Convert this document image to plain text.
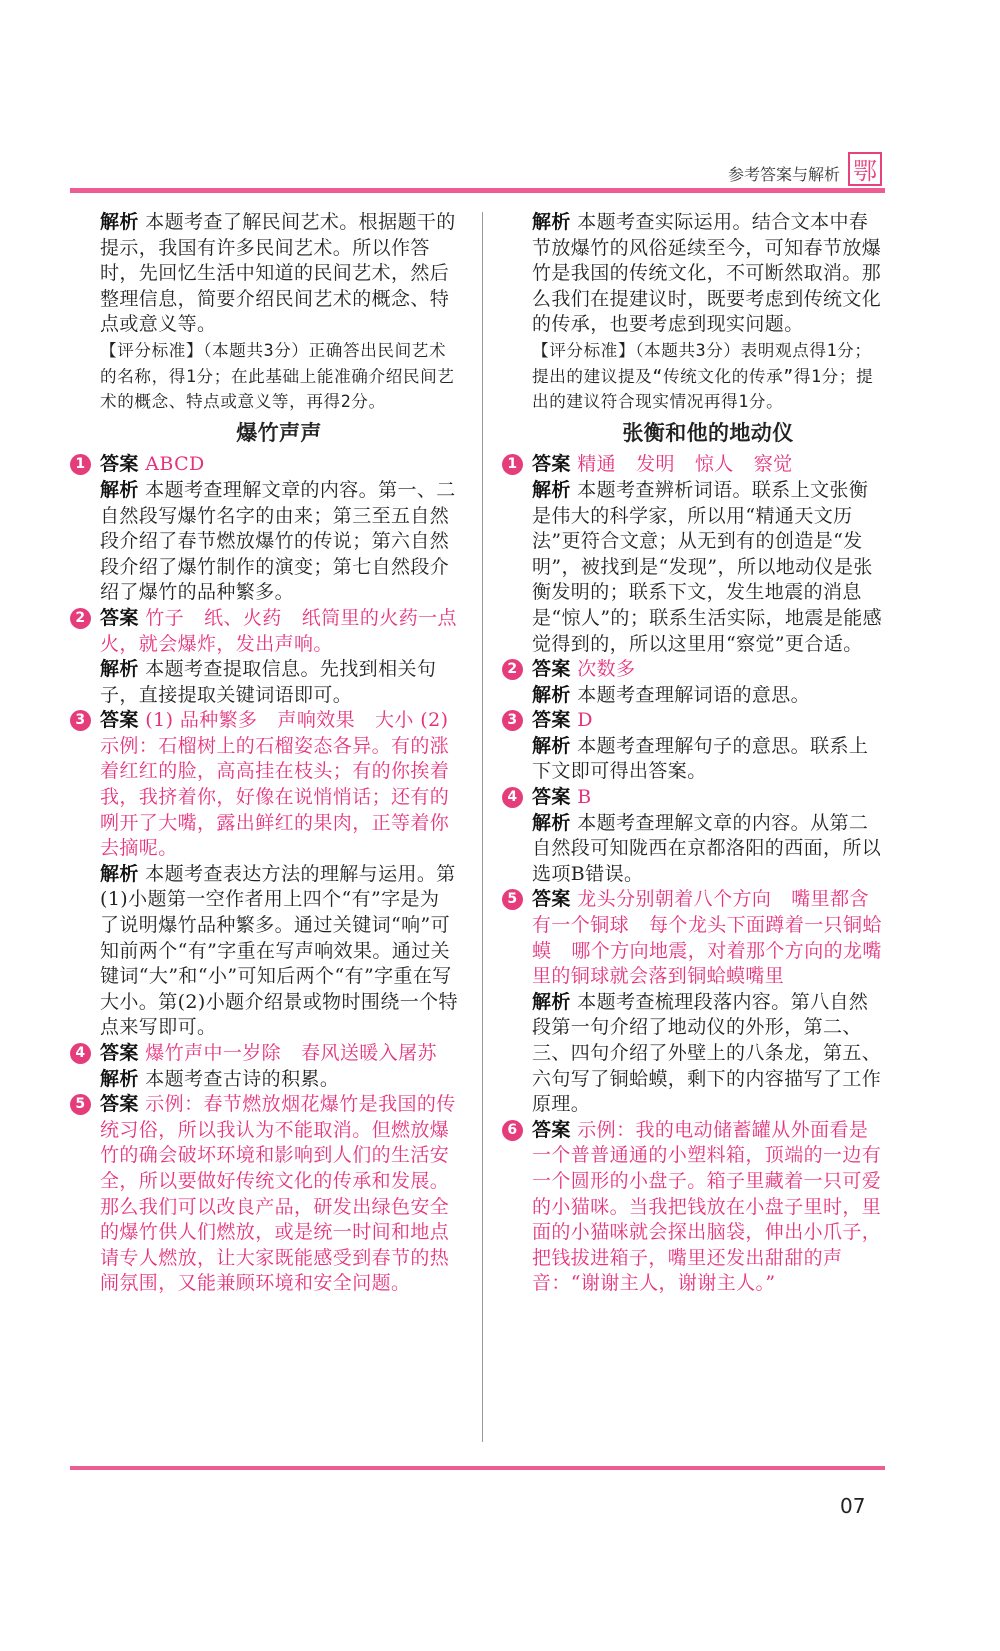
参考答案与解析 鄂
解析 本题考查了解民间艺术。根据题干的提示，我国有许多民间艺术。所以作答时，先回忆生活中知道的民间艺术，然后整理信息，简要介绍民间艺术的概念、特点或意义等。
【评分标准】（本题共3分）正确答出民间艺术的名称，得1分；在此基础上能准确介绍民间艺术的概念、特点或意义等，再得2分。
爆竹声声
1 答案 ABCD
解析 本题考查理解文章的内容。第一、二自然段写爆竹名字的由来；第三至五自然段介绍了春节燃放爆竹的传说；第六自然段介绍了爆竹制作的演变；第七自然段介绍了爆竹的品种繁多。
2 答案 竹子 纸、火药 纸筒里的火药一点火，就会爆炸，发出声响。
解析 本题考查提取信息。先找到相关句子，直接提取关键词语即可。
3 答案 (1) 品种繁多 声响效果 大小 (2) 示例：石榴树上的石榴姿态各异。有的涨着红红的脸，高高挂在枝头；有的你挨着我，我挤着你，好像在说悄悄话；还有的咧开了大嘴，露出鲜红的果肉，正等着你去摘呢。
解析 本题考查表达方法的理解与运用。第(1)小题第一空作者用上四个“有”字是为了说明爆竹品种繁多。通过关键词“响”可知前两个“有”字重在写声响效果。通过关键词“大”和“小”可知后两个“有”字重在写大小。第(2)小题介绍景或物时围绕一个特点来写即可。
4 答案 爆竹声中一岁除 春风送暖入屠苏
解析 本题考查古诗的积累。
5 答案 示例：春节燃放烟花爆竹是我国的传统习俗，所以我认为不能取消。但燃放爆竹的确会破坏环境和影响到人们的生活安全，所以要做好传统文化的传承和发展。那么我们可以改良产品，研发出绿色安全的爆竹供人们燃放，或是统一时间和地点请专人燃放，让大家既能感受到春节的热闹氛围，又能兼顾环境和安全问题。
解析 本题考查实际运用。结合文本中春节放爆竹的风俗延续至今，可知春节放爆竹是我国的传统文化，不可断然取消。那么我们在提建议时，既要考虑到传统文化的传承，也要考虑到现实问题。
【评分标准】（本题共3分）表明观点得1分；提出的建议提及“传统文化的传承”得1分；提出的建议符合现实情况再得1分。
张衡和他的地动仪
1 答案 精通 发明 惊人 察觉
解析 本题考查辨析词语。联系上文张衡是伟大的科学家，所以用“精通天文历法”更符合文意；从无到有的创造是“发明”，被找到是“发现”，所以地动仪是张衡发明的；联系下文，发生地震的消息是“惊人”的；联系生活实际，地震是能感觉得到的，所以这里用“察觉”更合适。
2 答案 次数多
解析 本题考查理解词语的意思。
3 答案 D
解析 本题考查理解句子的意思。联系上下文即可得出答案。
4 答案 B
解析 本题考查理解文章的内容。从第二自然段可知陇西在京都洛阳的西面，所以选项B错误。
5 答案 龙头分别朝着八个方向 嘴里都含有一个铜球 每个龙头下面蹲着一只铜蛤蟆 哪个方向地震，对着那个方向的龙嘴里的铜球就会落到铜蛤蟆嘴里
解析 本题考查梳理段落内容。第八自然段第一句介绍了地动仪的外形，第二、三、四句介绍了外壁上的八条龙，第五、六句写了铜蛤蟆，剩下的内容描写了工作原理。
6 答案 示例：我的电动储蓄罐从外面看是一个普普通通的小塑料箱，顶端的一边有一个圆形的小盘子。箱子里藏着一只可爱的小猫咪。当我把钱放在小盘子里时，里面的小猫咪就会探出脑袋，伸出小爪子，把钱拔进箱子，嘴里还发出甜甜的声音：“谢谢主人，谢谢主人。”
07
